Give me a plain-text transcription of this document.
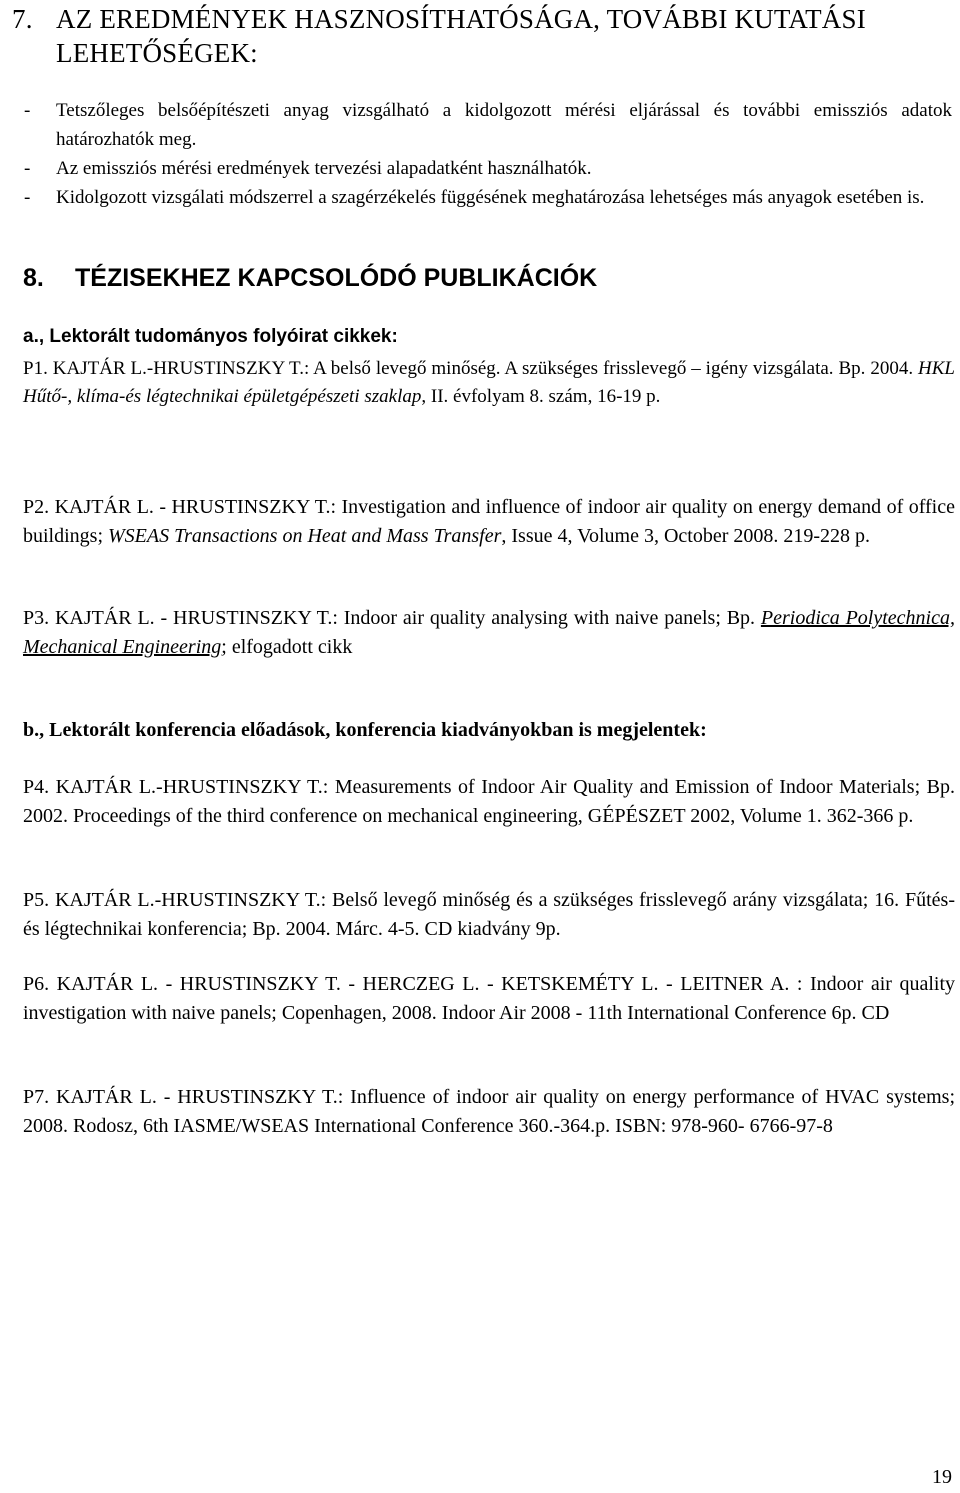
7. AZ EREDMÉNYEK HASZNOSÍTHATÓSÁGA, TOVÁBBI KUTATÁSI
LEHETŐSÉGEK:
- Tetszőleges belsőépítészeti anyag vizsgálható a kidolgozott mérési eljárással és további emissziós adatok határozhatók meg.
- Az emissziós mérési eredmények tervezési alapadatként használhatók.
- Kidolgozott vizsgálati módszerrel a szagérzékelés függésének meghatározása lehetséges más anyagok esetében is.
8. TÉZISEKHEZ KAPCSOLÓDÓ PUBLIKÁCIÓK
a., Lektorált tudományos folyóirat cikkek:
P1. KAJTÁR L.-HRUSTINSZKY T.: A belső levegő minőség. A szükséges frisslevegő – igény vizsgálata. Bp. 2004. HKL Hűtő-, klíma-és légtechnikai épületgépészeti szaklap, II. évfolyam 8. szám, 16-19 p.
P2. KAJTÁR L. - HRUSTINSZKY T.: Investigation and influence of indoor air quality on energy demand of office buildings; WSEAS Transactions on Heat and Mass Transfer, Issue 4, Volume 3, October 2008. 219-228 p.
P3. KAJTÁR L. - HRUSTINSZKY T.: Indoor air quality analysing with naive panels; Bp. Periodica Polytechnica, Mechanical Engineering; elfogadott cikk
b., Lektorált konferencia előadások, konferencia kiadványokban is megjelentek:
P4. KAJTÁR L.-HRUSTINSZKY T.: Measurements of Indoor Air Quality and Emission of Indoor Materials; Bp. 2002. Proceedings of the third conference on mechanical engineering, GÉPÉSZET 2002, Volume 1. 362-366 p.
P5. KAJTÁR L.-HRUSTINSZKY T.: Belső levegő minőség és a szükséges frisslevegő arány vizsgálata; 16. Fűtés- és légtechnikai konferencia; Bp. 2004. Márc. 4-5. CD kiadvány 9p.
P6. KAJTÁR L. - HRUSTINSZKY T. - HERCZEG L. - KETSKEMÉTY L. - LEITNER A. : Indoor air quality investigation with naive panels; Copenhagen, 2008. Indoor Air 2008 - 11th International Conference 6p. CD
P7. KAJTÁR L. - HRUSTINSZKY T.: Influence of indoor air quality on energy performance of HVAC systems; 2008. Rodosz, 6th IASME/WSEAS International Conference 360.-364.p. ISBN: 978-960- 6766-97-8
19
